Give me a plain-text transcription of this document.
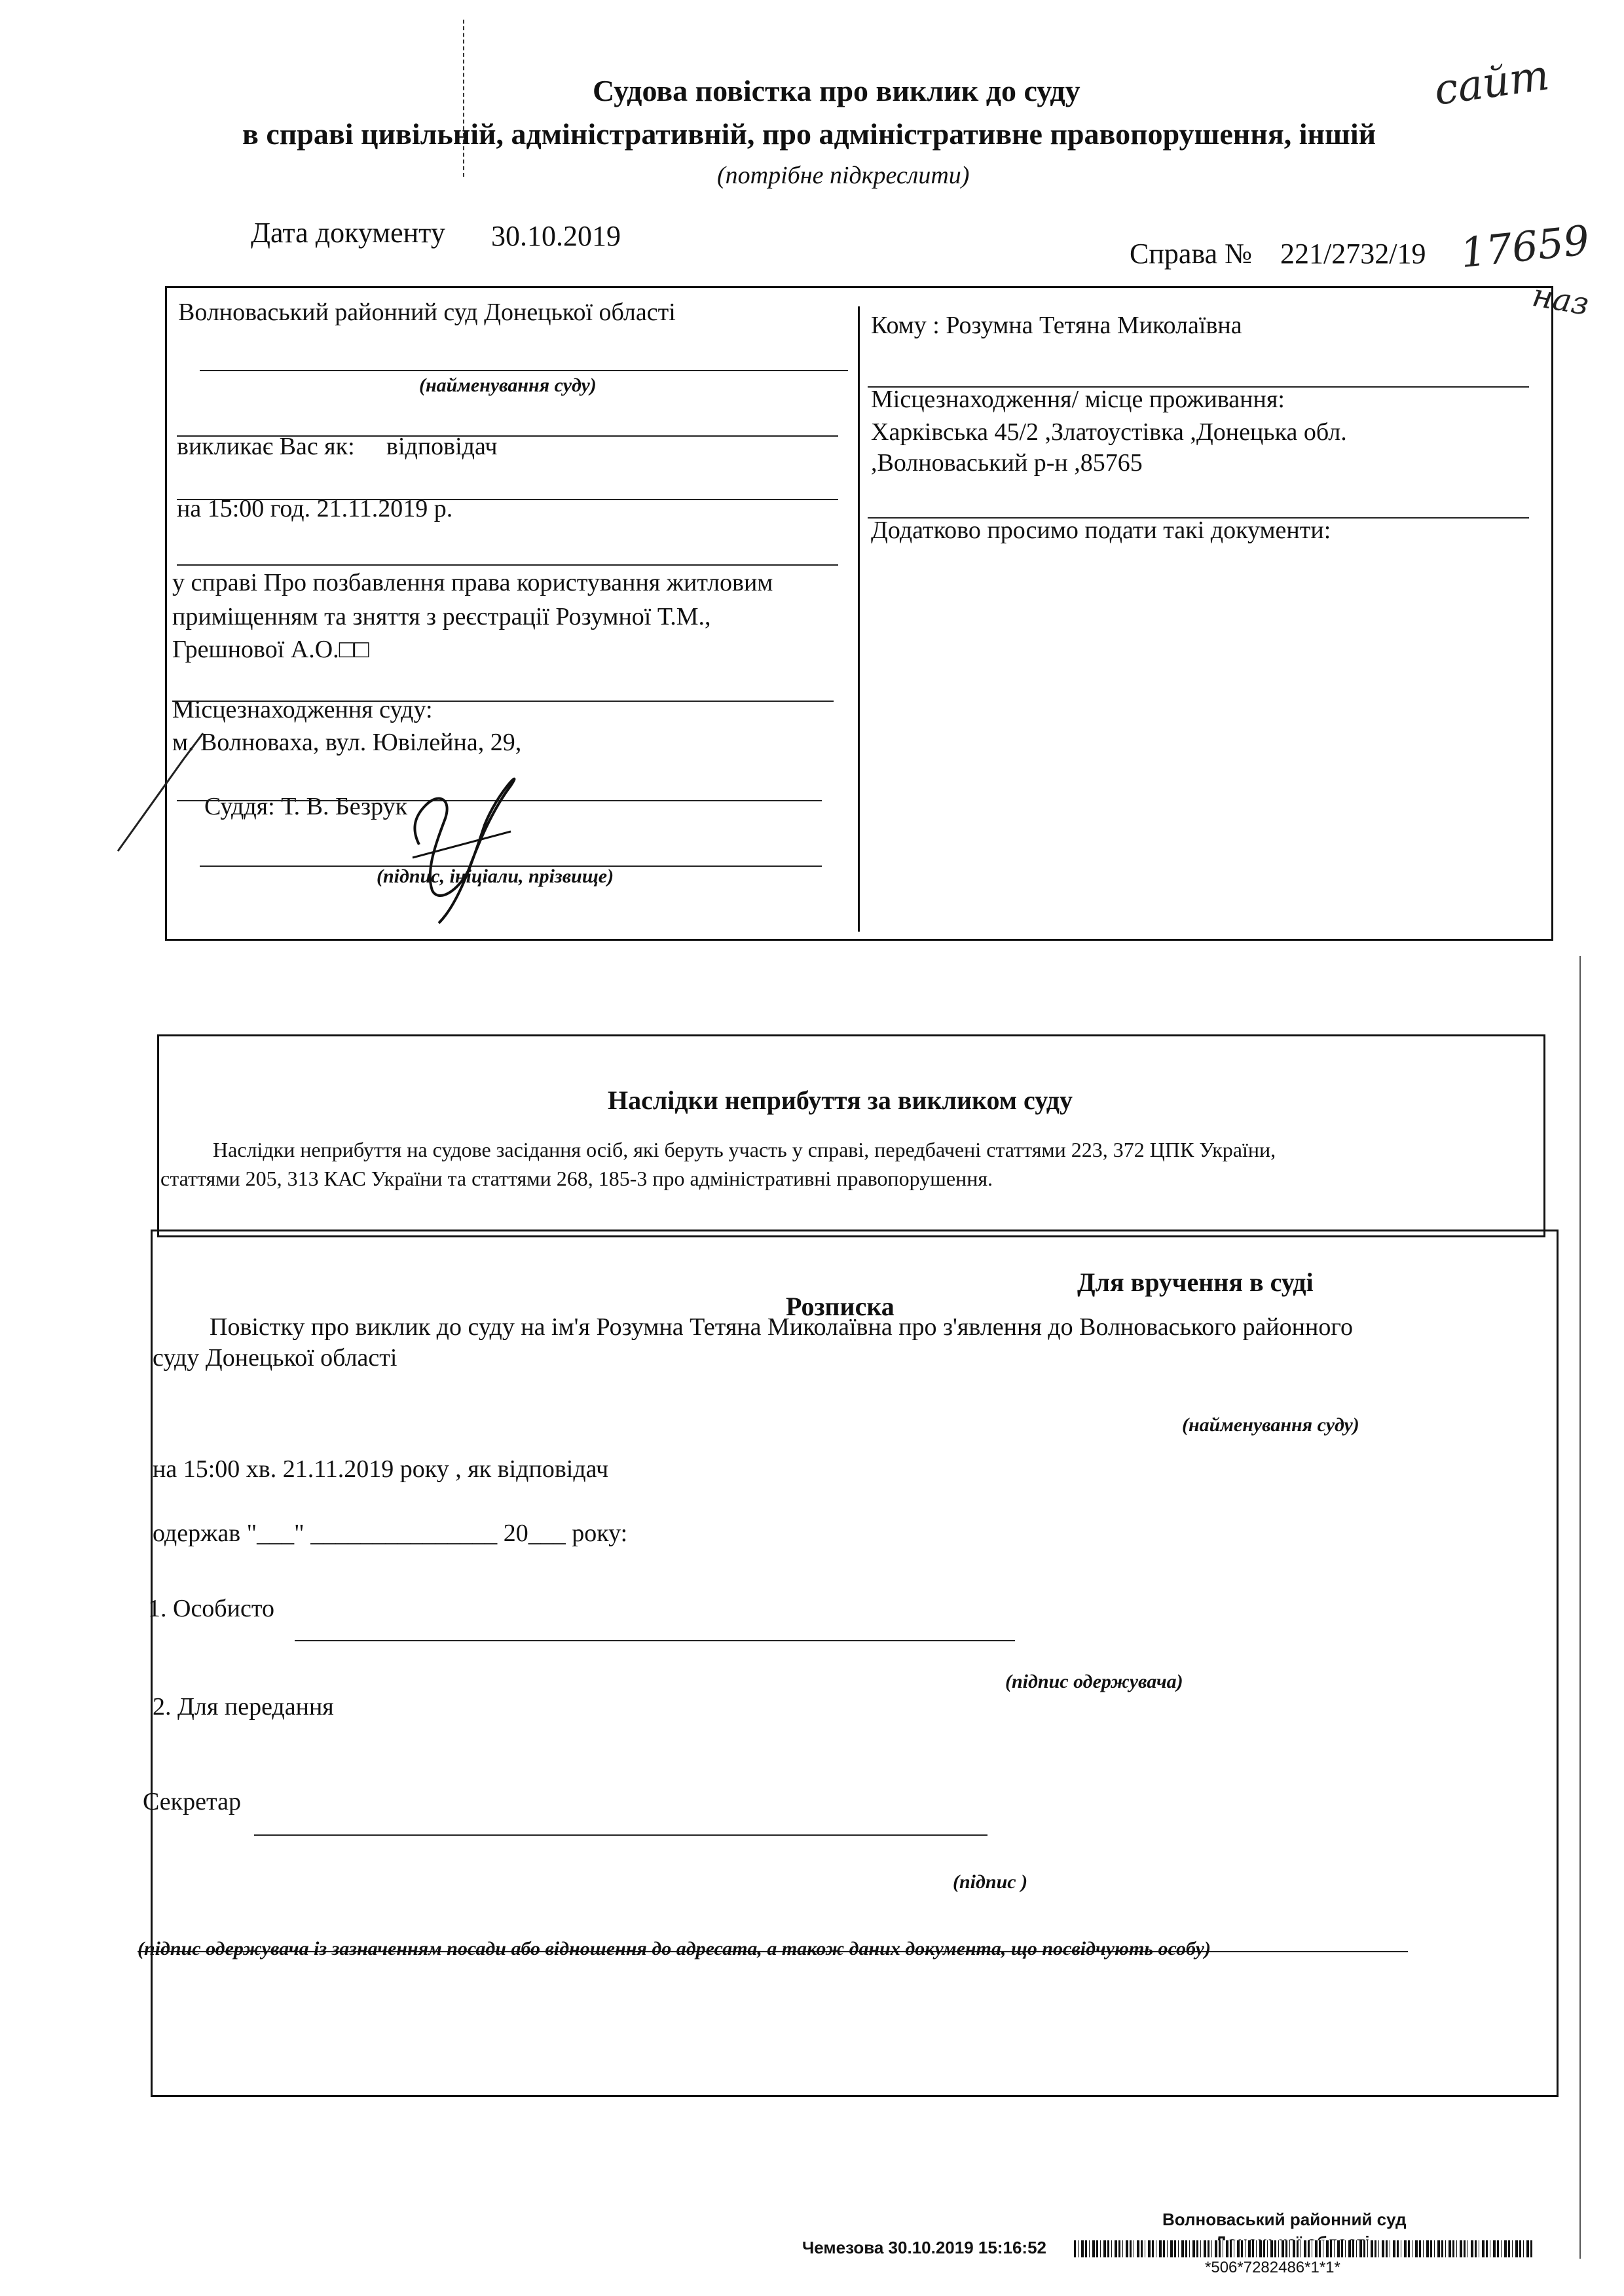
Судова повістка про виклик до суду
в справі цивільній, адміністративній, про адміністративне правопорушення, іншій
(потрібне підкреслити)
сайт
Дата документу 30.10.2019
Справа № 221/2732/19 17659
наз
Волноваський районний суд Донецької області
(найменування суду)
викликає Вас як: відповідач
на 15:00 год. 21.11.2019 р.
у справі Про позбавлення права користування житловим
приміщенням та зняття з реєстрації Розумної Т.М.,
Грешнової А.О.□□
Місцезнаходження суду:
м. Волноваха, вул. Ювілейна, 29,
Суддя: Т. В. Безрук
(підпис, ініціали, прізвище)
Кому : Розумна Тетяна Миколаївна
Місцезнаходження/ місце проживання:
Харківська 45/2 ,Златоустівка ,Донецька обл.
,Волноваський р-н ,85765
Додатково просимо подати такі документи:
Наслідки неприбуття за викликом суду
Наслідки неприбуття на судове засідання осіб, які беруть участь у справі, передбачені статтями 223, 372 ЦПК України,
статтями 205, 313 КАС України та статтями 268, 185-3 про адміністративні правопорушення.
Для вручення в суді
Розписка
Повістку про виклик до суду на ім'я Розумна Тетяна Миколаївна про з'явлення до Волноваського районного
суду Донецької області
(найменування суду)
на 15:00 хв. 21.11.2019 року , як відповідач
одержав "___" _______________ 20___ року:
1. Особисто
(підпис одержувача)
2. Для передання
Секретар
(підпис )
(підпис одержувача із зазначенням посади або відношення до адресата, а також даних документа, що посвідчують особу)
Волноваський районний суд
Чемезова 30.10.2019 15:16:52
*506*7282486*1*1*
